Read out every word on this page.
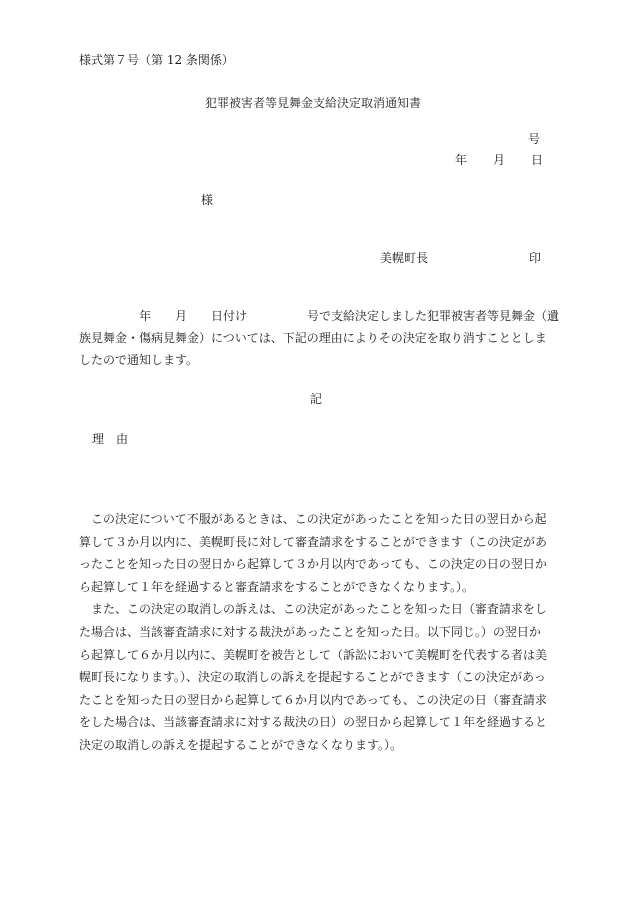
様式第７号（第 12 条関係）
犯罪被害者等見舞金支給決定取消通知書
号
年 月 日
様
美幌町長	印

　　　　　年　　月　　日付け　　　　　号で支給決定しました犯罪被害者等見舞金（遺

族見舞金・傷病見舞金）については、下記の理由によりその決定を取り消すこととしま

したので通知します。

記
理　由

この決定について不服があるときは、この決定があったことを知った日の翌日から起算して３か月以内に、美幌町長に対して審査請求をすることができます（この決定があったことを知った日の翌日から起算して３か月以内であっても、この決定の日の翌日から起算して１年を経過すると審査請求をすることができなくなります。）。

また、この決定の取消しの訴えは、この決定があったことを知った日（審査請求をした場合は、当該審査請求に対する裁決があったことを知った日。以下同じ。）の翌日から起算して６か月以内に、美幌町を被告として（訴訟において美幌町を代表する者は美幌町長になります。）、決定の取消しの訴えを提起することができます（この決定があったことを知った日の翌日から起算して６か月以内であっても、この決定の日（審査請求をした場合は、当該審査請求に対する裁決の日）の翌日から起算して１年を経過すると決定の取消しの訴えを提起することができなくなります。）。
